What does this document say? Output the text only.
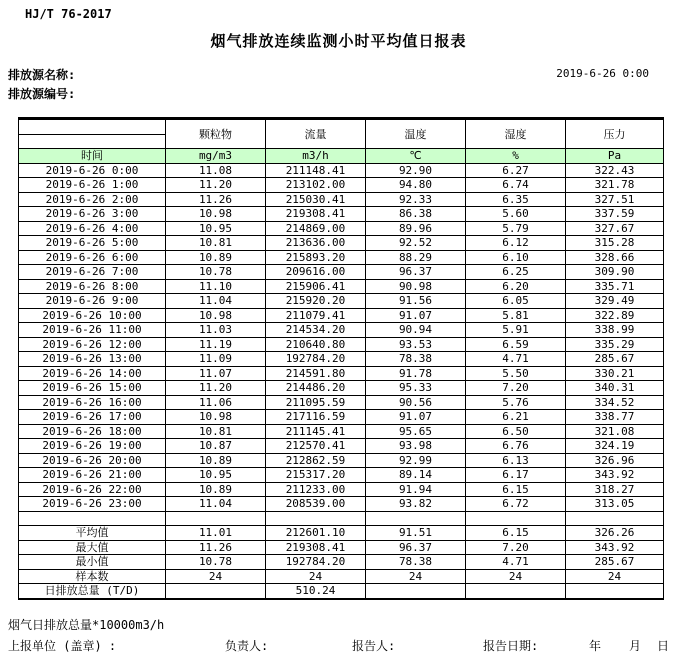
HJ/T 76-2017
烟气排放连续监测小时平均值日报表
排放源名称:
排放源编号:
2019-6-26 0:00
	颗粒物	流量	温度	湿度	压力

时间	mg/m3	m3/h	℃	%	Pa
2019-6-26 0:00	11.08	211148.41	92.90	6.27	322.43
2019-6-26 1:00	11.20	213102.00	94.80	6.74	321.78
2019-6-26 2:00	11.26	215030.41	92.33	6.35	327.51
2019-6-26 3:00	10.98	219308.41	86.38	5.60	337.59
2019-6-26 4:00	10.95	214869.00	89.96	5.79	327.67
2019-6-26 5:00	10.81	213636.00	92.52	6.12	315.28
2019-6-26 6:00	10.89	215893.20	88.29	6.10	328.66
2019-6-26 7:00	10.78	209616.00	96.37	6.25	309.90
2019-6-26 8:00	11.10	215906.41	90.98	6.20	335.71
2019-6-26 9:00	11.04	215920.20	91.56	6.05	329.49
2019-6-26 10:00	10.98	211079.41	91.07	5.81	322.89
2019-6-26 11:00	11.03	214534.20	90.94	5.91	338.99
2019-6-26 12:00	11.19	210640.80	93.53	6.59	335.29
2019-6-26 13:00	11.09	192784.20	78.38	4.71	285.67
2019-6-26 14:00	11.07	214591.80	91.78	5.50	330.21
2019-6-26 15:00	11.20	214486.20	95.33	7.20	340.31
2019-6-26 16:00	11.06	211095.59	90.56	5.76	334.52
2019-6-26 17:00	10.98	217116.59	91.07	6.21	338.77
2019-6-26 18:00	10.81	211145.41	95.65	6.50	321.08
2019-6-26 19:00	10.87	212570.41	93.98	6.76	324.19
2019-6-26 20:00	10.89	212862.59	92.99	6.13	326.96
2019-6-26 21:00	10.95	215317.20	89.14	6.17	343.92
2019-6-26 22:00	10.89	211233.00	91.94	6.15	318.27
2019-6-26 23:00	11.04	208539.00	93.82	6.72	313.05

平均值	11.01	212601.10	91.51	6.15	326.26
最大值	11.26	219308.41	96.37	7.20	343.92
最小值	10.78	192784.20	78.38	4.71	285.67
样本数	24	24	24	24	24
日排放总量 (T/D)		510.24			
烟气日排放总量*10000m3/h
上报单位 (盖章) :	负责人:	报告人:	报告日期:	年 月 日
